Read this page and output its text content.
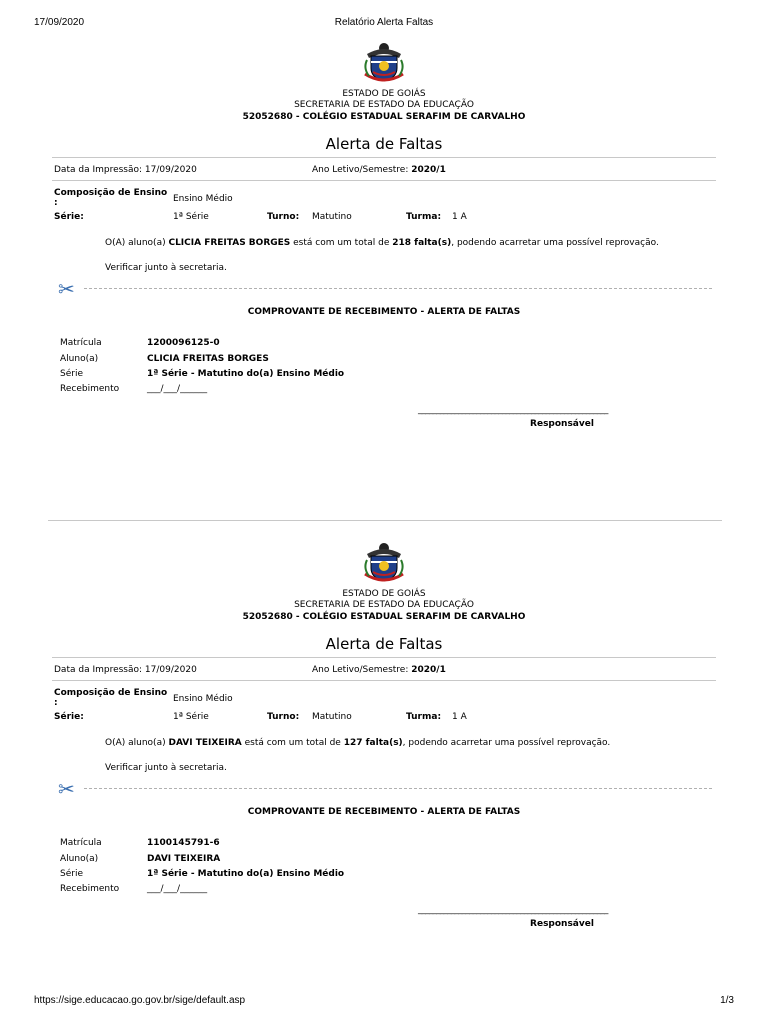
17/09/2020	Relatório Alerta Faltas
https://sige.educacao.go.gov.br/sige/default.asp	1/3
ESTADO DE GOIÁS
SECRETARIA DE ESTADO DA EDUCAÇÃO
52052680 - COLÉGIO ESTADUAL SERAFIM DE CARVALHO
Alerta de Faltas
Data da Impressão: 17/09/2020	Ano Letivo/Semestre: 2020/1
Composição de Ensino
:	Ensino Médio
Série:	1ª Série	Turno: Matutino	Turma: 1 A
O(A) aluno(a) CLICIA FREITAS BORGES está com um total de 218 falta(s), podendo acarretar uma possível reprovação.
Verificar junto à secretaria.
✂
COMPROVANTE DE RECEBIMENTO - ALERTA DE FALTAS
Matrícula	1200096125-0
Aluno(a)	CLICIA FREITAS BORGES
Série	1ª Série - Matutino do(a) Ensino Médio
Recebimento	___/___/______
____________________________________________________
Responsável
ESTADO DE GOIÁS
SECRETARIA DE ESTADO DA EDUCAÇÃO
52052680 - COLÉGIO ESTADUAL SERAFIM DE CARVALHO
Alerta de Faltas
Data da Impressão: 17/09/2020	Ano Letivo/Semestre: 2020/1
Composição de Ensino
:	Ensino Médio
Série:	1ª Série	Turno: Matutino	Turma: 1 A
O(A) aluno(a) DAVI TEIXEIRA está com um total de 127 falta(s), podendo acarretar uma possível reprovação.
Verificar junto à secretaria.
✂
COMPROVANTE DE RECEBIMENTO - ALERTA DE FALTAS
Matrícula	1100145791-6
Aluno(a)	DAVI TEIXEIRA
Série	1ª Série - Matutino do(a) Ensino Médio
Recebimento	___/___/______
____________________________________________________
Responsável
